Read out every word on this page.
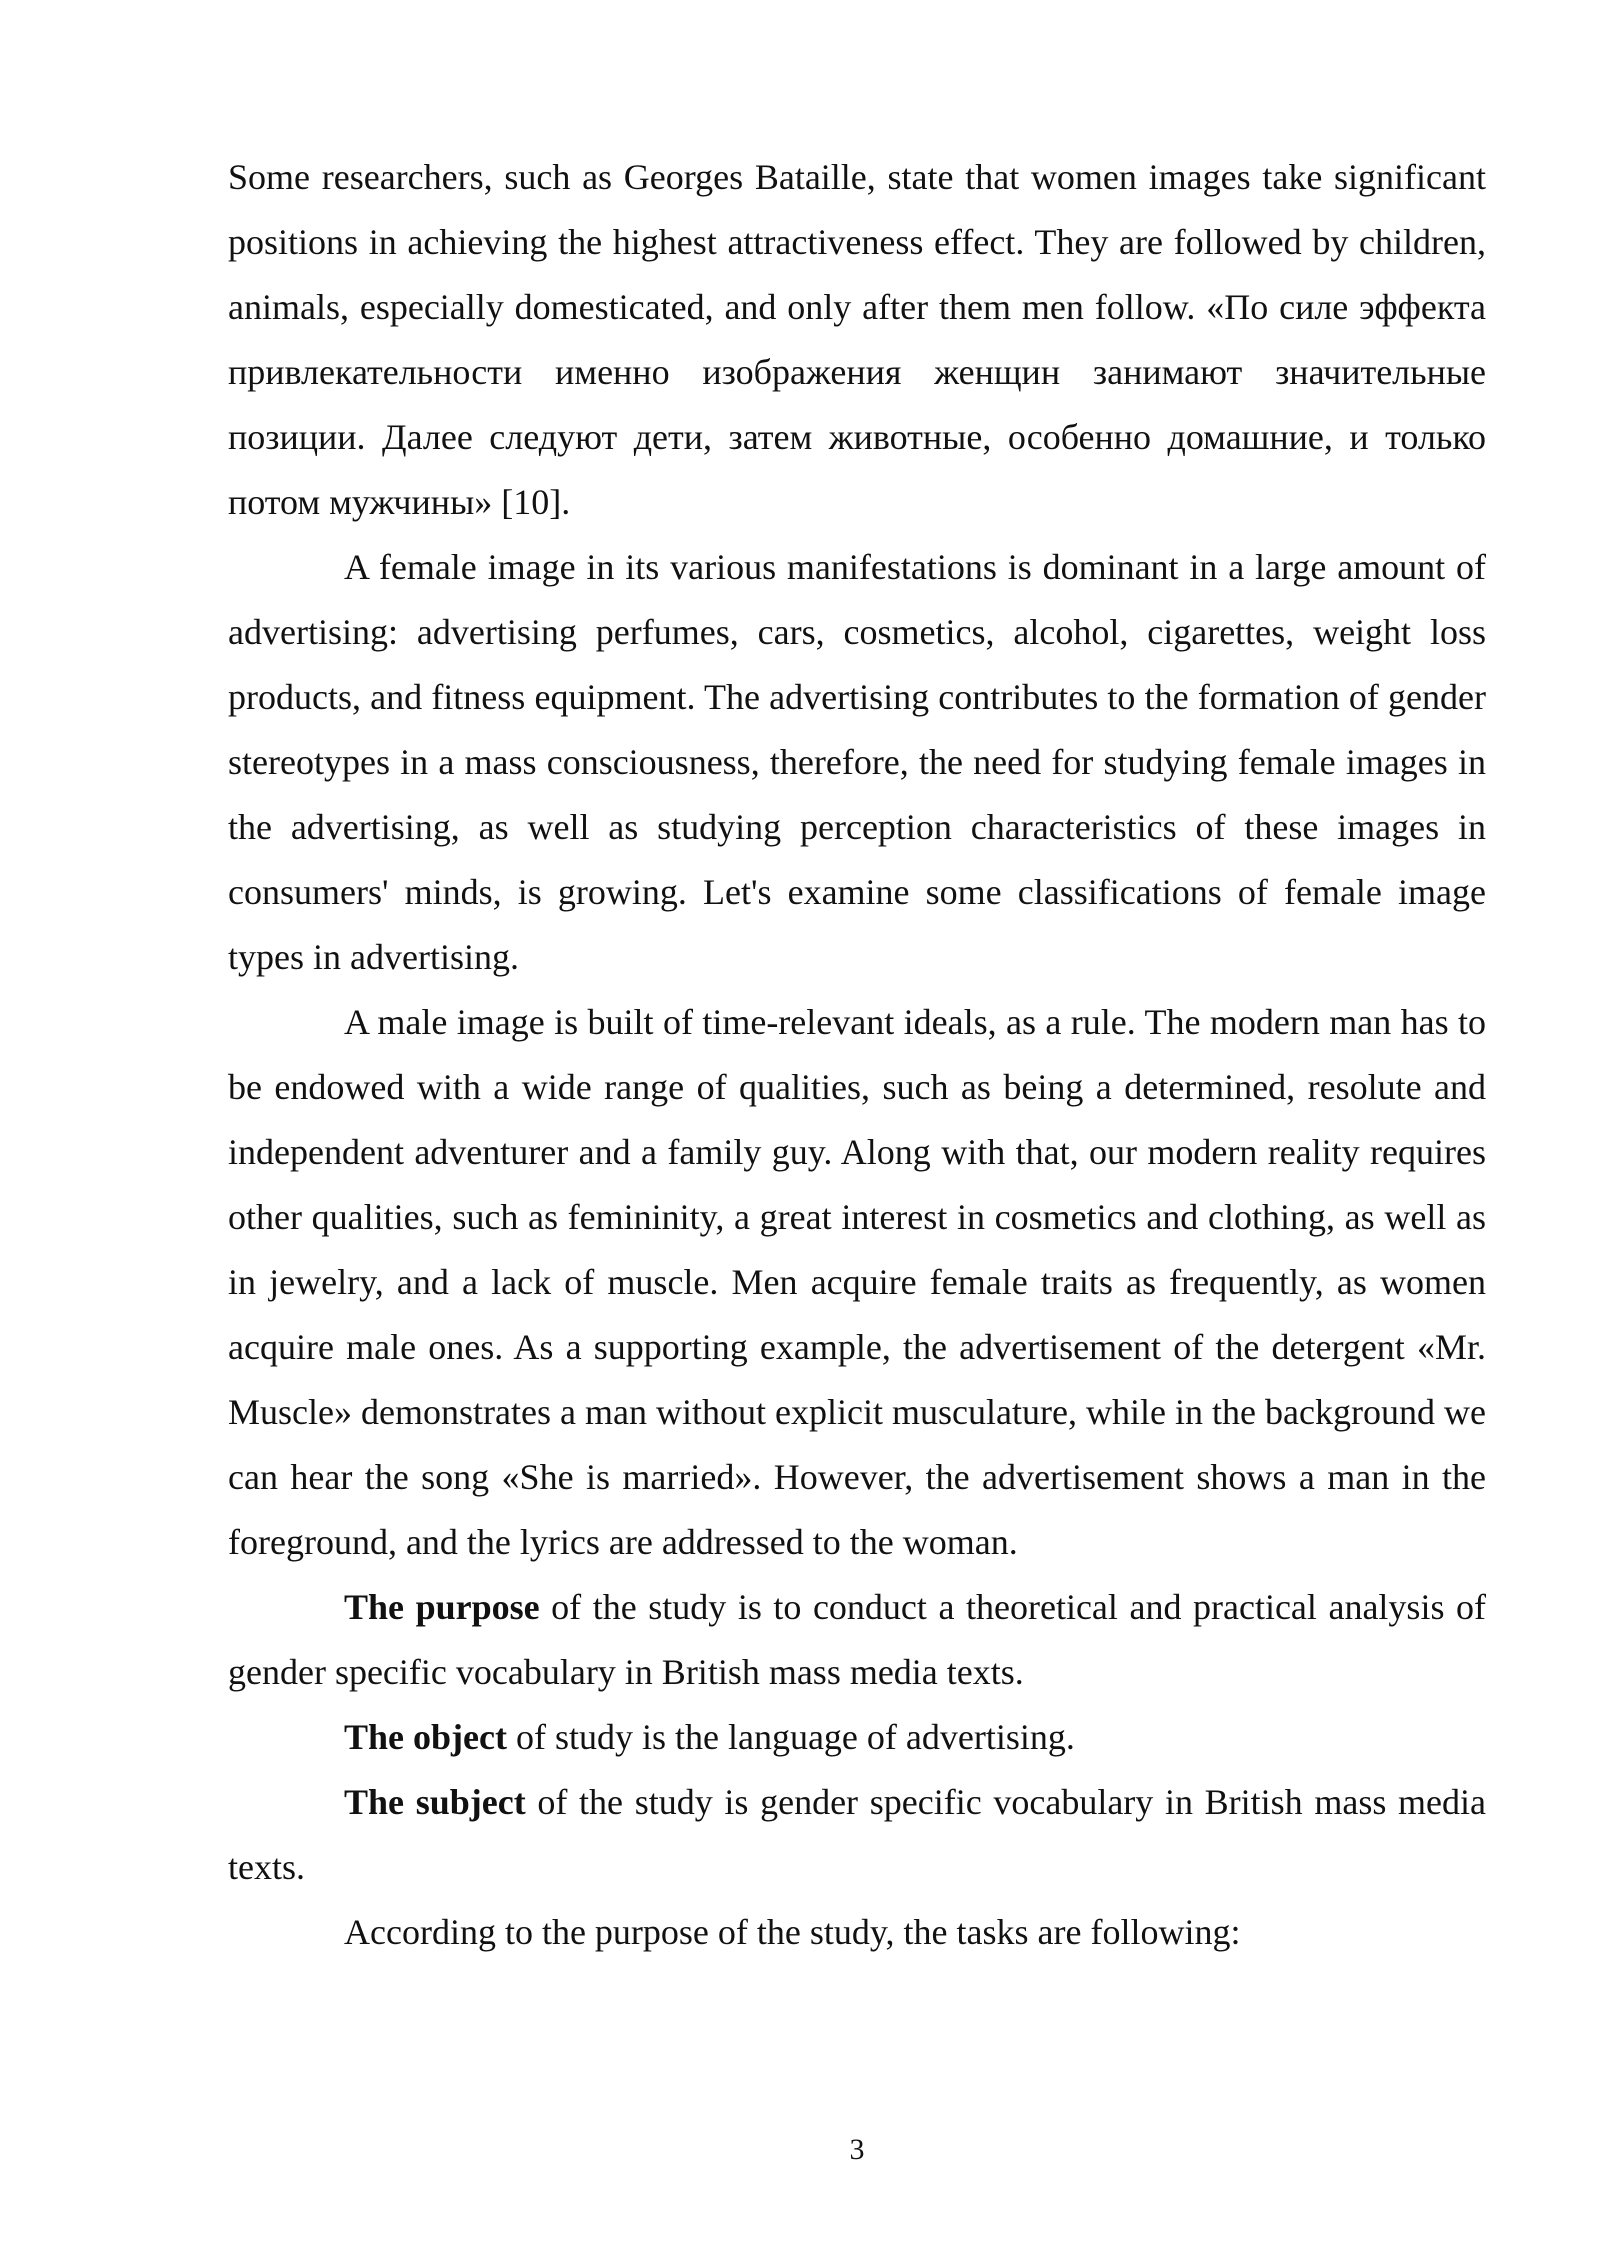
Some researchers, such as Georges Bataille, state that women images take significant positions in achieving the highest attractiveness effect. They are followed by children, animals, especially domesticated, and only after them men follow. «По силе эффекта привлекательности именно изображения женщин занимают значительные позиции. Далее следуют дети, затем животные, особенно домашние, и только потом мужчины» [10].

A female image in its various manifestations is dominant in a large amount of advertising: advertising perfumes, cars, cosmetics, alcohol, cigarettes, weight loss products, and fitness equipment. The advertising contributes to the formation of gender stereotypes in a mass consciousness, therefore, the need for studying female images in the advertising, as well as studying perception characteristics of these images in consumers' minds, is growing. Let's examine some classifications of female image types in advertising.

A male image is built of time-relevant ideals, as a rule. The modern man has to be endowed with a wide range of qualities, such as being a determined, resolute and independent adventurer and a family guy. Along with that, our modern reality requires other qualities, such as femininity, a great interest in cosmetics and clothing, as well as in jewelry, and a lack of muscle. Men acquire female traits as frequently, as women acquire male ones. As a supporting example, the advertisement of the detergent «Mr. Muscle» demonstrates a man without explicit musculature, while in the background we can hear the song «She is married». However, the advertisement shows a man in the foreground, and the lyrics are addressed to the woman.

The purpose of the study is to conduct a theoretical and practical analysis of gender specific vocabulary in British mass media texts.

The object of study is the language of advertising.

The subject of the study is gender specific vocabulary in British mass media texts.

According to the purpose of the study, the tasks are following:

3
